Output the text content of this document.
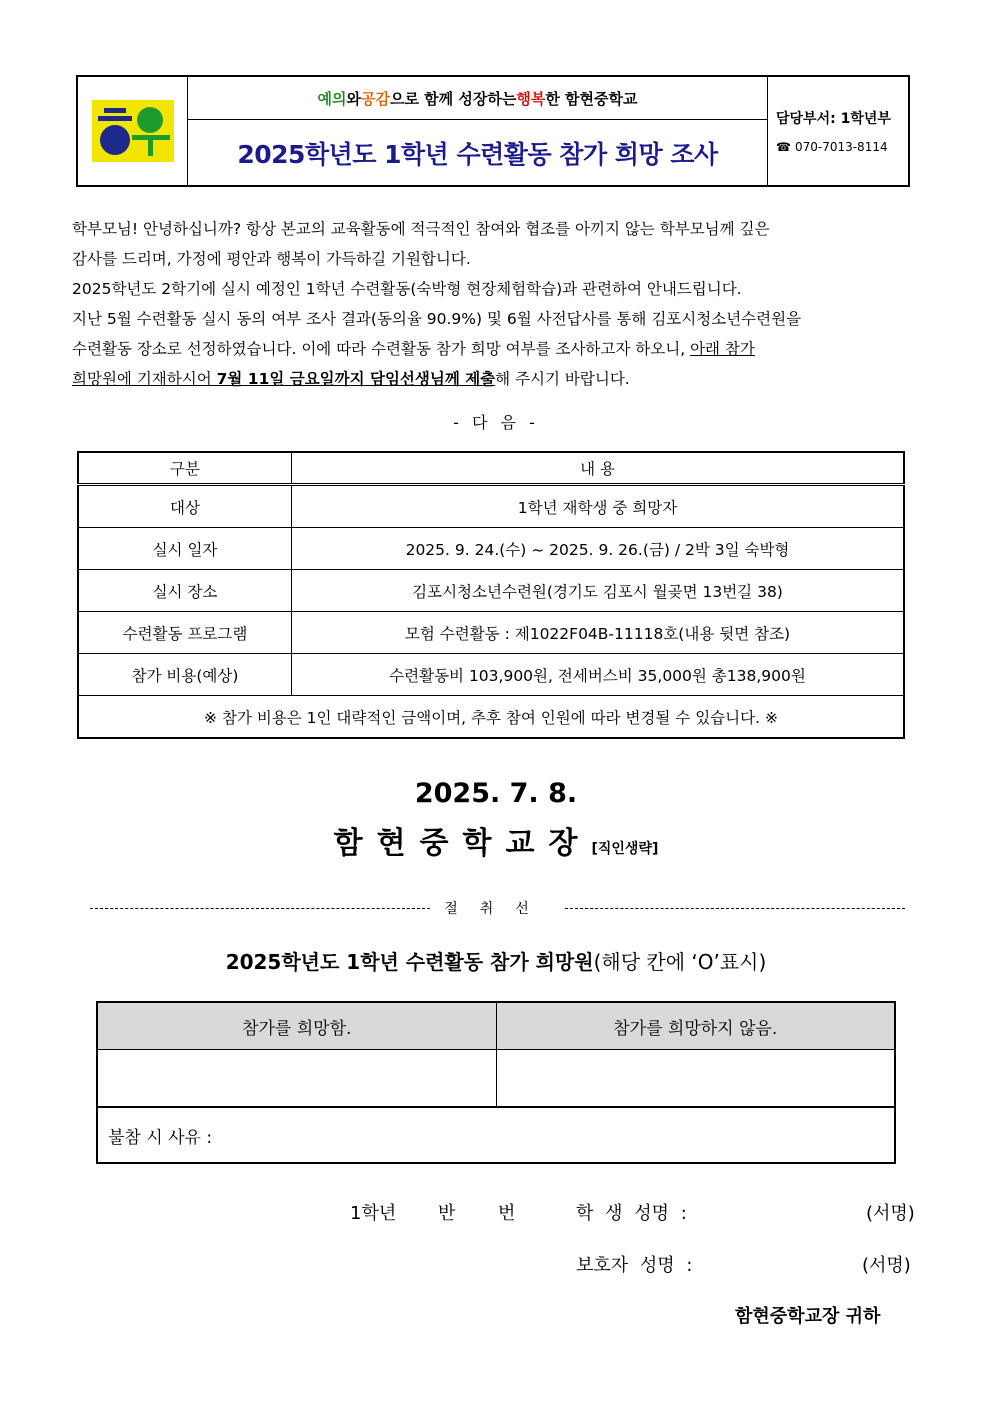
예의 와 공감 으로 함께 성장하는 행복 한 함현중학교
2025학년도 1학년 수련활동 참가 희망 조사
담당부서: 1학년부
☎ 070-7013-8114

학부모님! 안녕하십니까? 항상 본교의 교육활동에 적극적인 참여와 협조를 아끼지 않는 학부모님께 깊은

감사를 드리며, 가정에 평안과 행복이 가득하길 기원합니다.

2025학년도 2학기에 실시 예정인 1학년 수련활동(숙박형 현장체험학습)과 관련하여 안내드립니다.

지난 5월 수련활동 실시 동의 여부 조사 결과(동의율 90.9%) 및 6월 사전답사를 통해 김포시청소년수련원을

수련활동 장소로 선정하였습니다. 이에 따라 수련활동 참가 희망 여부를 조사하고자 하오니, 아래 참가

희망원에 기재하시어 7월 11일 금요일까지 담임선생님께 제출해 주시기 바랍니다.

- 다 음 -
구분	내 용
대상	1학년 재학생 중 희망자
실시 일자	2025. 9. 24.(수) ~ 2025. 9. 26.(금) / 2박 3일 숙박형
실시 장소	김포시청소년수련원(경기도 김포시 월곶면 13번길 38)
수련활동 프로그램	모험 수련활동 : 제1022F04B-11118호(내용 뒷면 참조)
참가 비용(예상)	수련활동비 103,900원, 전세버스비 35,000원 총138,900원
※ 참가 비용은 1인 대략적인 금액이며, 추후 참여 인원에 따라 변경될 수 있습니다. ※	
2025. 7. 8.
함현중학교장[직인생략]
절취선
2025학년도 1학년 수련활동 참가 희망원(해당 칸에 ‘O’표시)
참가를 희망함.	참가를 희망하지 않음.

불참 시 사유 :	
1학년 반 번	학 생 성명 :	(서명)
보호자 성명 :	(서명)
함현중학교장 귀하
